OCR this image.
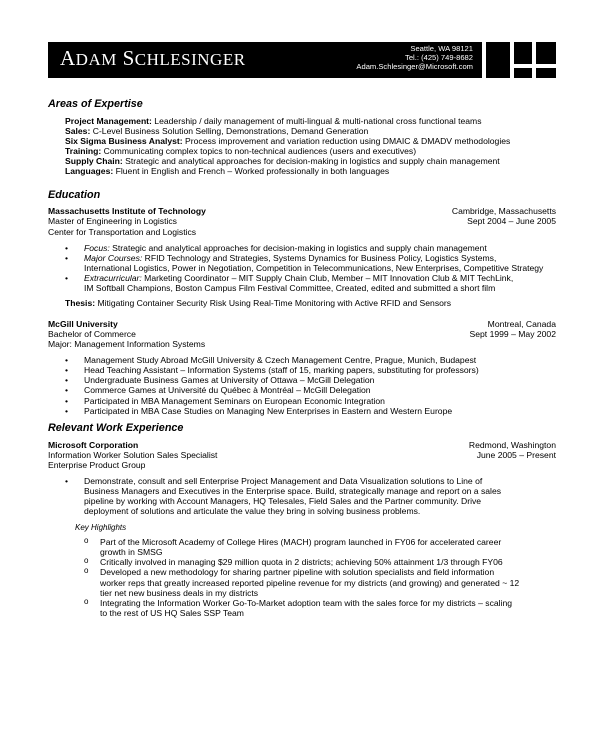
ADAM SCHLESINGER
Seattle, WA 98121
Tel.: (425) 749-8682
Adam.Schlesinger@Microsoft.com
Areas of Expertise
Project Management: Leadership / daily management of multi-lingual & multi-national cross functional teams
Sales: C-Level Business Solution Selling, Demonstrations, Demand Generation
Six Sigma Business Analyst: Process improvement and variation reduction using DMAIC & DMADV methodologies
Training: Communicating complex topics to non-technical audiences (users and executives)
Supply Chain: Strategic and analytical approaches for decision-making in logistics and supply chain management
Languages: Fluent in English and French – Worked professionally in both languages
Education
Massachusetts Institute of Technology	Cambridge, Massachusetts
Master of Engineering in Logistics	Sept 2004 – June 2005
Center for Transportation and Logistics
• Focus: Strategic and analytical approaches for decision-making in logistics and supply chain management
• Major Courses: RFID Technology and Strategies, Systems Dynamics for Business Policy, Logistics Systems,
International Logistics, Power in Negotiation, Competition in Telecommunications, New Enterprises, Competitive Strategy
• Extracurricular: Marketing Coordinator – MIT Supply Chain Club, Member – MIT Innovation Club & MIT TechLink,
IM Softball Champions, Boston Campus Film Festival Committee, Created, edited and submitted a short film
Thesis: Mitigating Container Security Risk Using Real-Time Monitoring with Active RFID and Sensors
McGill University	Montreal, Canada
Bachelor of Commerce	Sept 1999 – May 2002
Major: Management Information Systems
• Management Study Abroad McGill University & Czech Management Centre, Prague, Munich, Budapest
• Head Teaching Assistant – Information Systems (staff of 15, marking papers, substituting for professors)
• Undergraduate Business Games at University of Ottawa – McGill Delegation
• Commerce Games at Université du Québec à Montréal – McGill Delegation
• Participated in MBA Management Seminars on European Economic Integration
• Participated in MBA Case Studies on Managing New Enterprises in Eastern and Western Europe
Relevant Work Experience
Microsoft Corporation	Redmond, Washington
Information Worker Solution Sales Specialist	June 2005 – Present
Enterprise Product Group
• Demonstrate, consult and sell Enterprise Project Management and Data Visualization solutions to Line of
Business Managers and Executives in the Enterprise space. Build, strategically manage and report on a sales
pipeline by working with Account Managers, HQ Telesales, Field Sales and the Partner community. Drive
deployment of solutions and articulate the value they bring in solving business problems.
Key Highlights
o Part of the Microsoft Academy of College Hires (MACH) program launched in FY06 for accelerated career
growth in SMSG
o Critically involved in managing $29 million quota in 2 districts; achieving 50% attainment 1/3 through FY06
o Developed a new methodology for sharing partner pipeline with solution specialists and field information
worker reps that greatly increased reported pipeline revenue for my districts (and growing) and generated ~ 12
tier net new business deals in my districts
o Integrating the Information Worker Go-To-Market adoption team with the sales force for my districts – scaling
to the rest of US HQ Sales SSP Team
